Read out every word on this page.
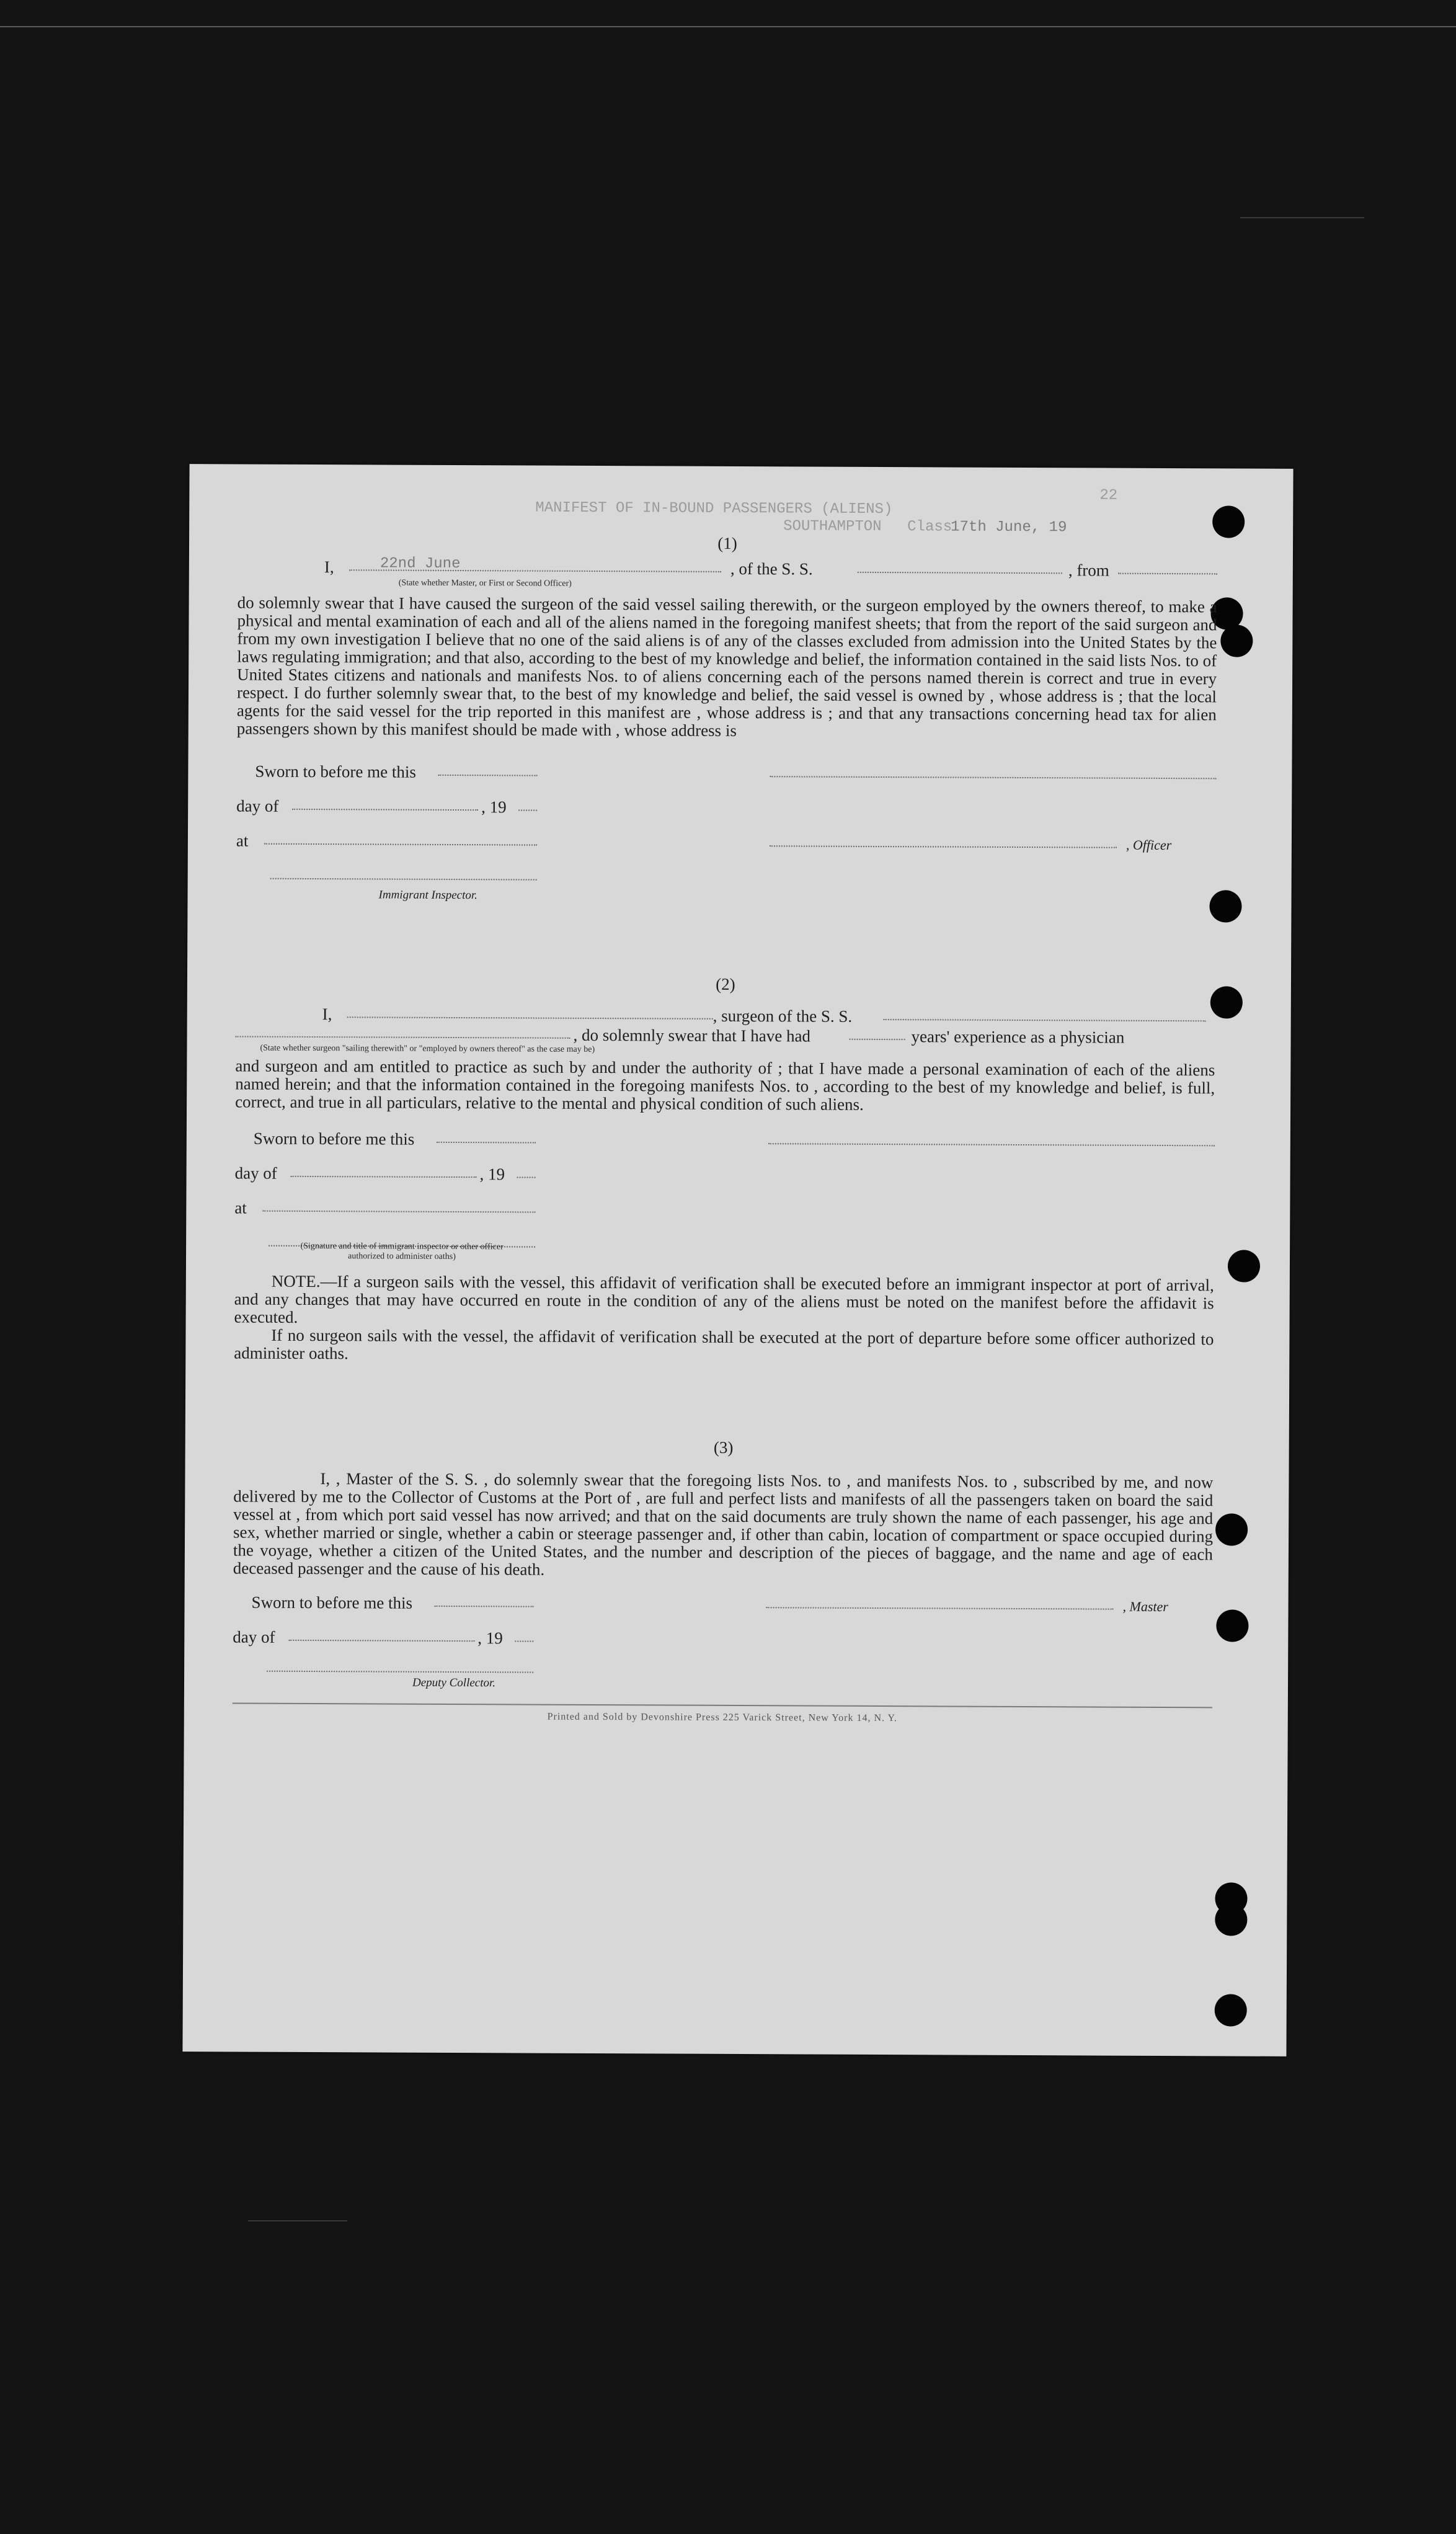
22
MANIFEST OF IN-BOUND PASSENGERS (ALIENS)
Class
SOUTHAMPTON	17th June, 19
(1)
I,	22nd June	, of the S. S.	, from
(State whether Master, or First or Second Officer)

do solemnly swear that I have caused the surgeon of the said vessel sailing therewith, or the surgeon employed by the owners thereof, to make a physical and mental examination of each and all of the aliens named in the foregoing manifest sheets; that from the report of the said surgeon and from my own investigation I believe that no one of the said aliens is of any of the classes excluded from admission into the United States by the laws regulating immigration; and that also, according to the best of my knowledge and belief, the information contained in the said lists Nos. to of United States citizens and nationals and manifests Nos. to of aliens concerning each of the persons named therein is correct and true in every respect. I do further solemnly swear that, to the best of my knowledge and belief, the said vessel is owned by , whose address is ; that the local agents for the said vessel for the trip reported in this manifest are , whose address is ; and that any transactions concerning head tax for alien passengers shown by this manifest should be made with , whose address is

Sworn to before me this
day of	, 19
at	, Officer
Immigrant Inspector.
(2)
I,	, surgeon of the S. S.
, do solemnly swear that I have had	years' experience as a physician
(State whether surgeon "sailing therewith" or "employed by owners thereof" as the case may be)

and surgeon and am entitled to practice as such by and under the authority of ; that I have made a personal examination of each of the aliens named herein; and that the information contained in the foregoing manifests Nos. to , according to the best of my knowledge and belief, is full, correct, and true in all particulars, relative to the mental and physical condition of such aliens.

Sworn to before me this
day of	, 19
at
(Signature and title of immigrant inspector or other officer authorized to administer oaths)

NOTE.—If a surgeon sails with the vessel, this affidavit of verification shall be executed before an immigrant inspector at port of arrival, and any changes that may have occurred en route in the condition of any of the aliens must be noted on the manifest before the affidavit is executed.

If no surgeon sails with the vessel, the affidavit of verification shall be executed at the port of departure before some officer authorized to administer oaths.

(3)

I, , Master of the S. S. , do solemnly swear that the foregoing lists Nos. to , and manifests Nos. to , subscribed by me, and now delivered by me to the Collector of Customs at the Port of , are full and perfect lists and manifests of all the passengers taken on board the said vessel at , from which port said vessel has now arrived; and that on the said documents are truly shown the name of each passenger, his age and sex, whether married or single, whether a cabin or steerage passenger and, if other than cabin, location of compartment or space occupied during the voyage, whether a citizen of the United States, and the number and description of the pieces of baggage, and the name and age of each deceased passenger and the cause of his death.

Sworn to before me this	, Master
day of	, 19
Deputy Collector.
Printed and Sold by Devonshire Press 225 Varick Street, New York 14, N. Y.
